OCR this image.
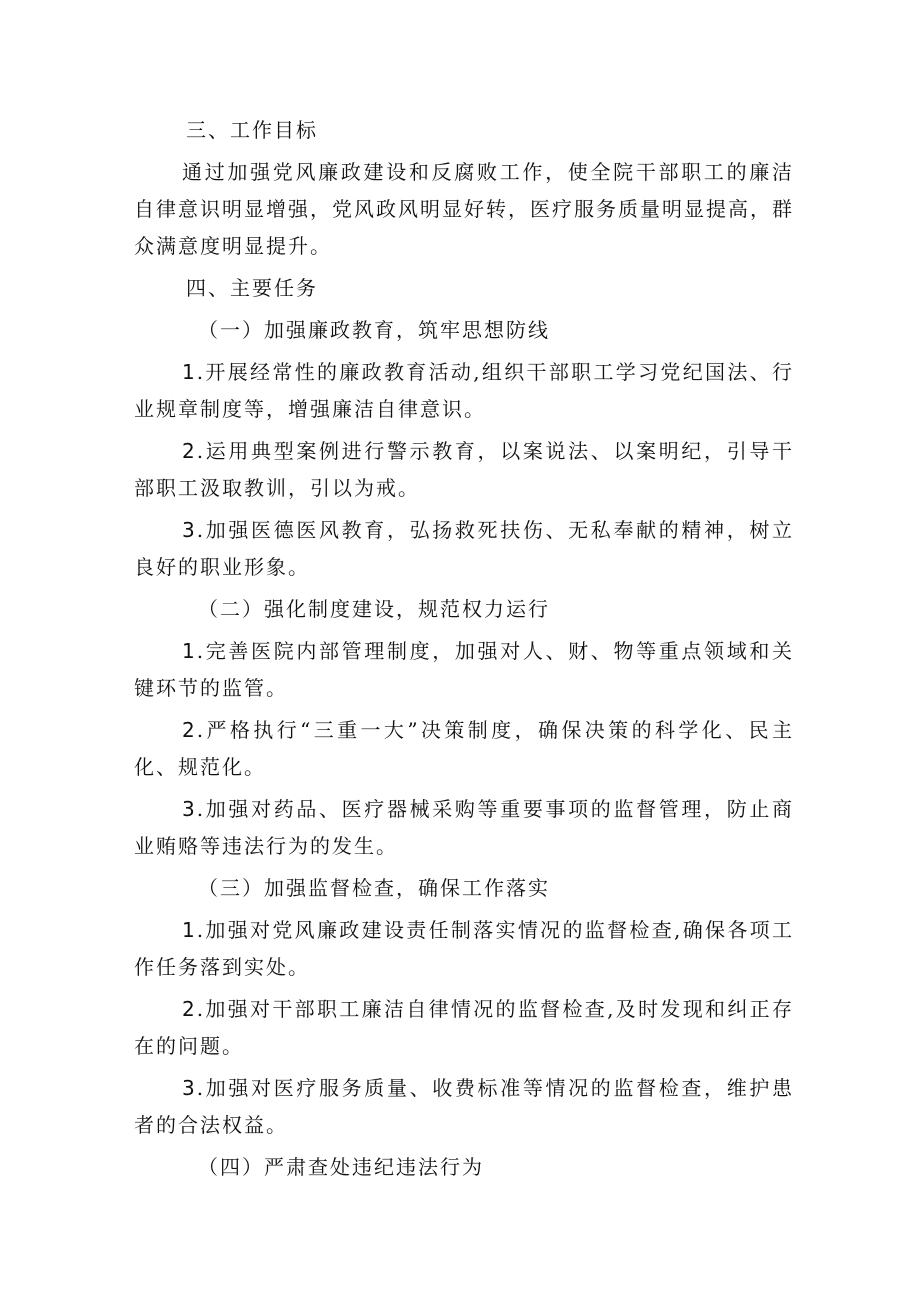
三、工作目标

通过加强党风廉政建设和反腐败工作，使全院干部职工的廉洁自律意识明显增强，党风政风明显好转，医疗服务质量明显提高，群众满意度明显提升。

四、主要任务

（一）加强廉政教育，筑牢思想防线

1.开展经常性的廉政教育活动,组织干部职工学习党纪国法、行业规章制度等，增强廉洁自律意识。

2.运用典型案例进行警示教育，以案说法、以案明纪，引导干部职工汲取教训，引以为戒。

3.加强医德医风教育，弘扬救死扶伤、无私奉献的精神，树立良好的职业形象。

（二）强化制度建设，规范权力运行

1.完善医院内部管理制度，加强对人、财、物等重点领域和关键环节的监管。

2.严格执行“三重一大”决策制度，确保决策的科学化、民主化、规范化。

3.加强对药品、医疗器械采购等重要事项的监督管理，防止商业贿赂等违法行为的发生。

（三）加强监督检查，确保工作落实

1.加强对党风廉政建设责任制落实情况的监督检查,确保各项工作任务落到实处。

2.加强对干部职工廉洁自律情况的监督检查,及时发现和纠正存在的问题。

3.加强对医疗服务质量、收费标准等情况的监督检查，维护患者的合法权益。

（四）严肃查处违纪违法行为
